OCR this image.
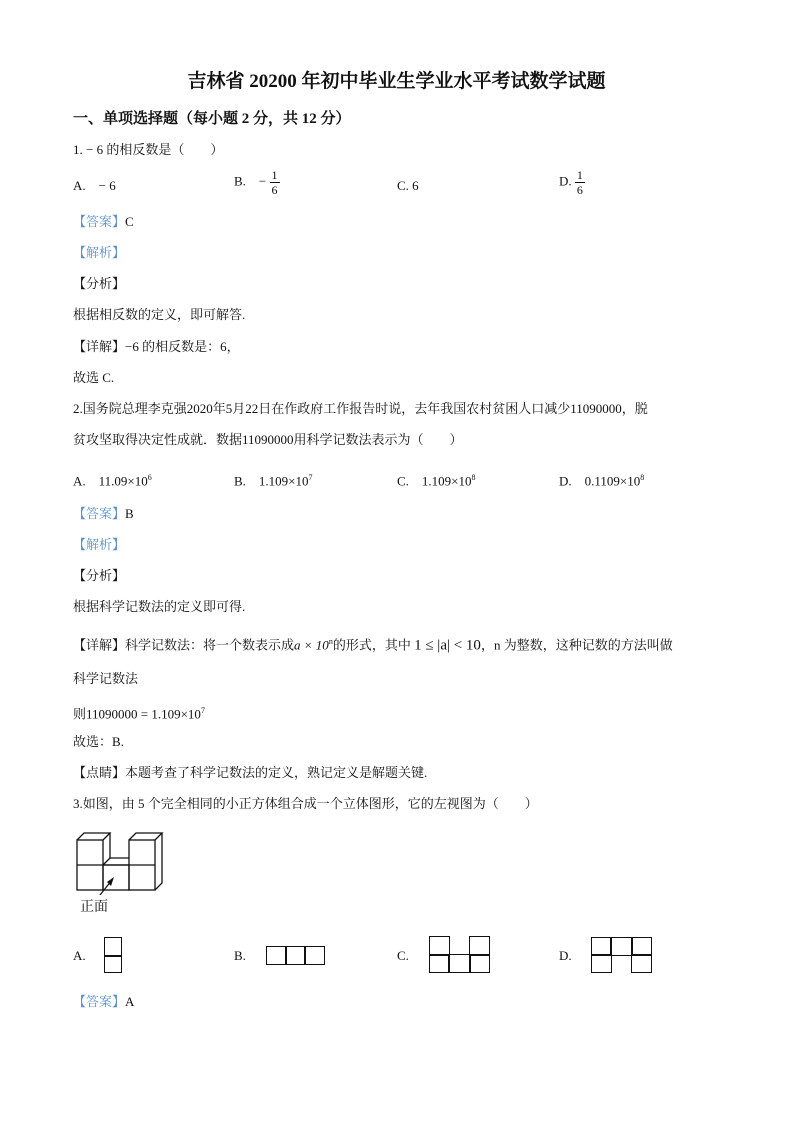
吉林省 20200 年初中毕业生学业水平考试数学试题
一、单项选择题（每小题 2 分，共 12 分）
1. − 6 的相反数是（　　）
A.　− 6	B.　− $\frac{1}{6}$	C. 6	D. $\frac{1}{6}$
【答案】C
【解析】
【分析】
根据相反数的定义，即可解答.
【详解】−6 的相反数是：6，
故选 C.
2.国务院总理李克强2020年5月22日在作政府工作报告时说，去年我国农村贫困人口减少11090000，脱
贫攻坚取得决定性成就．数据11090000用科学记数法表示为（　　）
A.　$11.09\times 10^6$	B.　$1.109\times 10^7$	C.　$1.109\times 10^8$	D.　$0.1109\times 10^8$
【答案】B
【解析】
【分析】
根据科学记数法的定义即可得.
【详解】科学记数法：将一个数表示成$a \times 10^n$的形式，其中 1 ≤ |a| < 10，n 为整数，这种记数的方法叫做
科学记数法
则$11090000 = 1.109\times 10^7$
故选：B.
【点睛】本题考查了科学记数法的定义，熟记定义是解题关键.
3.如图，由 5 个完全相同的小正方体组合成一个立体图形，它的左视图为（　　）
正面
A.	B.	C.	D.
【答案】A
